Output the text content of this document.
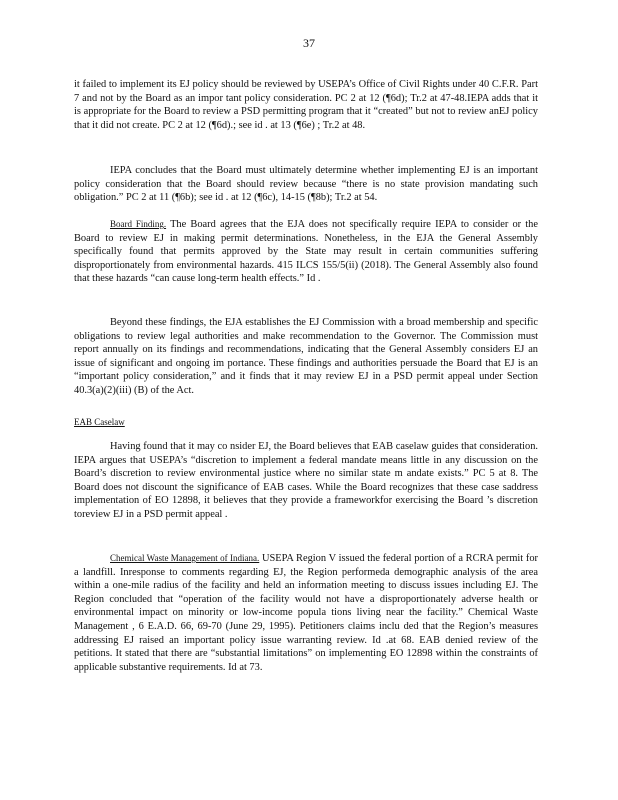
37

it failed to implement its EJ policy should be reviewed by USEPA’s Office of Civil Rights under 40 C.F.R. Part 7 and not by the Board as an impor tant policy consideration. PC 2 at 12 (¶6d); Tr.2 at 47-48.IEPA adds that it is appropriate for the Board to review a PSD permitting program that it “created” but not to review anEJ policy that it did not create. PC 2 at 12 (¶6d).; see id . at 13 (¶6e) ; Tr.2 at 48.

IEPA concludes that the Board must ultimately determine whether implementing EJ is an important policy consideration that the Board should review because “there is no state provision mandating such obligation.” PC 2 at 11 (¶6b); see id . at 12 (¶6c), 14-15 (¶8b); Tr.2 at 54.

Board Finding. The Board agrees that the EJA does not specifically require IEPA to consider or the Board to review EJ in making permit determinations. Nonetheless, in the EJA the General Assembly specifically found that permits approved by the State may result in certain communities suffering disproportionately from environmental hazards. 415 ILCS 155/5(ii) (2018). The General Assembly also found that these hazards “can cause long-term health effects.” Id .

Beyond these findings, the EJA establishes the EJ Commission with a broad membership and specific obligations to review legal authorities and make recommendation to the Governor. The Commission must report annually on its findings and recommendations, indicating that the General Assembly considers EJ an issue of significant and ongoing im portance. These findings and authorities persuade the Board that EJ is an “important policy consideration,” and it finds that it may review EJ in a PSD permit appeal under Section 40.3(a)(2)(iii) (B) of the Act.

EAB Caselaw

Having found that it may co nsider EJ, the Board believes that EAB caselaw guides that consideration. IEPA argues that USEPA’s “discretion to implement a federal mandate means little in any discussion on the Board’s discretion to review environmental justice where no similar state m andate exists.” PC 5 at 8. The Board does not discount the significance of EAB cases. While the Board recognizes that these case saddress implementation of EO 12898, it believes that they provide a frameworkfor exercising the Board ’s discretion toreview EJ in a PSD permit appeal .

Chemical Waste Management of Indiana. USEPA Region V issued the federal portion of a RCRA permit for a landfill. Inresponse to comments regarding EJ, the Region performeda demographic analysis of the area within a one-mile radius of the facility and held an information meeting to discuss issues including EJ. The Region concluded that “operation of the facility would not have a disproportionately adverse health or environmental impact on minority or low-income popula tions living near the facility.” Chemical Waste Management , 6 E.A.D. 66, 69-70 (June 29, 1995). Petitioners claims inclu ded that the Region’s measures addressing EJ raised an important policy issue warranting review. Id .at 68. EAB denied review of the petitions. It stated that there are “substantial limitations” on implementing EO 12898 within the constraints of applicable substantive requirements. Id at 73.
